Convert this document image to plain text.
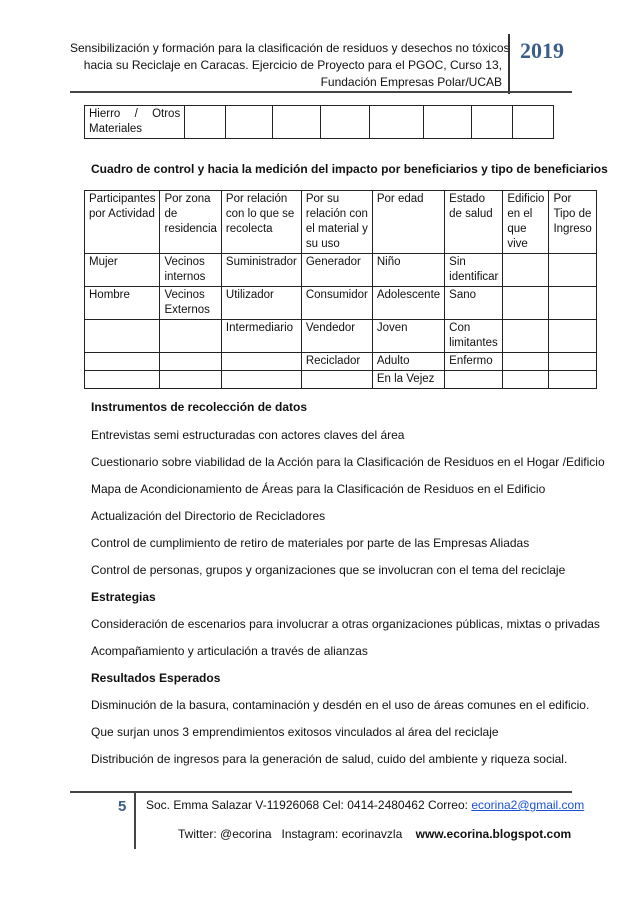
Sensibilización y formación para la clasificación de residuos y desechos no tóxicos
hacia su Reciclaje en Caracas. Ejercicio de Proyecto para el PGOC, Curso 13,
Fundación Empresas Polar/UCAB
2019
Hierro / Otros
Materiales

Cuadro de control y hacia la medición del impacto por beneficiarios y tipo de beneficiarios
Participantes por Actividad	Por zona de residencia	Por relación con lo que se recolecta	Por su relación con el material y su uso	Por edad	Estado de salud	Edificio en el que vive	Por Tipo de Ingreso
Mujer	Vecinos internos	Suministrador	Generador	Niño	Sin identificar		
Hombre	Vecinos Externos	Utilizador	Consumidor	Adolescente	Sano		
		Intermediario	Vendedor	Joven	Con limitantes		
			Reciclador	Adulto	Enfermo		
				En la Vejez			
Instrumentos de recolección de datos
Entrevistas semi estructuradas con actores claves del área
Cuestionario sobre viabilidad de la Acción para la Clasificación de Residuos en el Hogar /Edificio
Mapa de Acondicionamiento de Áreas para la Clasificación de Residuos en el Edificio
Actualización del Directorio de Recicladores
Control de cumplimiento de retiro de materiales por parte de las Empresas Aliadas
Control de personas, grupos y organizaciones que se involucran con el tema del reciclaje
Estrategias
Consideración de escenarios para involucrar a otras organizaciones públicas, mixtas o privadas
Acompañamiento y articulación a través de alianzas
Resultados Esperados
Disminución de la basura, contaminación y desdén en el uso de áreas comunes en el edificio.
Que surjan unos 3 emprendimientos exitosos vinculados al área del reciclaje
Distribución de ingresos para la generación de salud, cuido del ambiente y riqueza social.
5 Soc. Emma Salazar V-11926068 Cel: 0414-2480462 Correo: ecorina2@gmail.com
Twitter: @ecorina   Instagram: ecorinavzla www.ecorina.blogspot.com
